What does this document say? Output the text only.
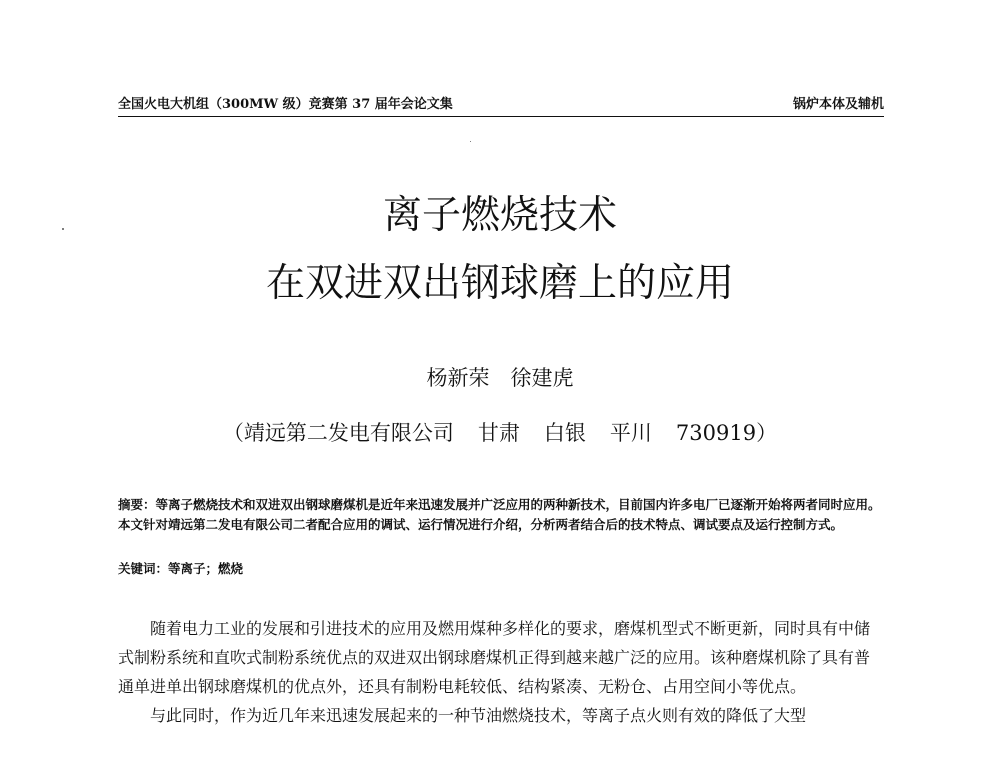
全国火电大机组（300MW 级）竞赛第 37 届年会论文集	锅炉本体及辅机
离子燃烧技术
在双进双出钢球磨上的应用
杨新荣　徐建虎
（靖远第二发电有限公司 甘肃 白银 平川 730919）
摘要：等离子燃烧技术和双进双出钢球磨煤机是近年来迅速发展并广泛应用的两种新技术，目前国内许多电厂已逐渐开始将两者同时应用。本文针对靖远第二发电有限公司二者配合应用的调试、运行情况进行介绍，分析两者结合后的技术特点、调试要点及运行控制方式。
关键词：等离子；燃烧

随着电力工业的发展和引进技术的应用及燃用煤种多样化的要求，磨煤机型式不断更新，同时具有中储式制粉系统和直吹式制粉系统优点的双进双出钢球磨煤机正得到越来越广泛的应用。该种磨煤机除了具有普通单进单出钢球磨煤机的优点外，还具有制粉电耗较低、结构紧凑、无粉仓、占用空间小等优点。

与此同时，作为近几年来迅速发展起来的一种节油燃烧技术，等离子点火则有效的降低了大型
